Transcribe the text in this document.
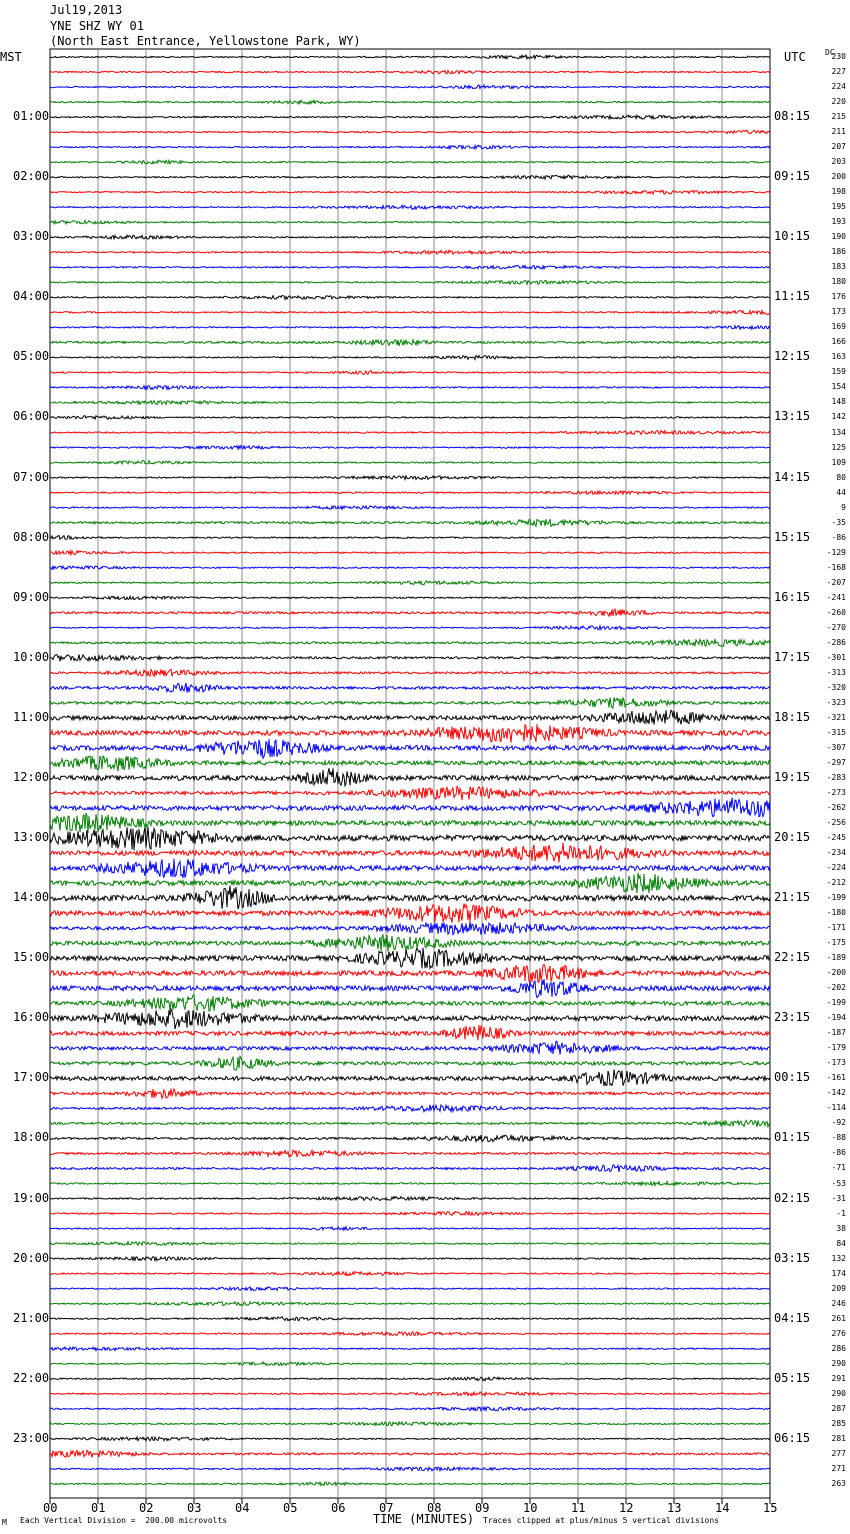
Jul19,2013
YNE SHZ WY 01
(North East Entrance, Yellowstone Park, WY)
MST	UTC DC
00	01	02	03	04	05	06	07	08	09	10	11	12	13	14	15
230
227
224
220
215
211
207
203
200
198
195
193
190
186
183
180
176
173
169
166
163
159
154
148
142
134
125
109
80
44
9
-35
-86
-129
-168
-207
-241
-260
-270
-286
-301
-313
-320
-323
-321
-315
-307
-297
-283
-273
-262
-256
-245
-234
-224
-212
-199
-180
-171
-175
-189
-200
-202
-199
-194
-187
-179
-173
-161
-142
-114
-92
-88
-86
-71
-53
-31
-1
38
84
132
174
209
246
261
276
286
290
291
290
287
285
281
277
271
263
01:00	08:15
02:00	09:15
03:00	10:15
04:00	11:15
05:00	12:15
06:00	13:15
07:00	14:15
08:00	15:15
09:00	16:15
10:00	17:15
11:00	18:15
12:00	19:15
13:00	20:15
14:00	21:15
15:00	22:15
16:00	23:15
17:00	00:15
18:00	01:15
19:00	02:15
20:00	03:15
21:00	04:15
22:00	05:15
23:00	06:15
TIME (MINUTES)
M Each Vertical Division =  200.00 microvolts	Traces clipped at plus/minus 5 vertical divisions
